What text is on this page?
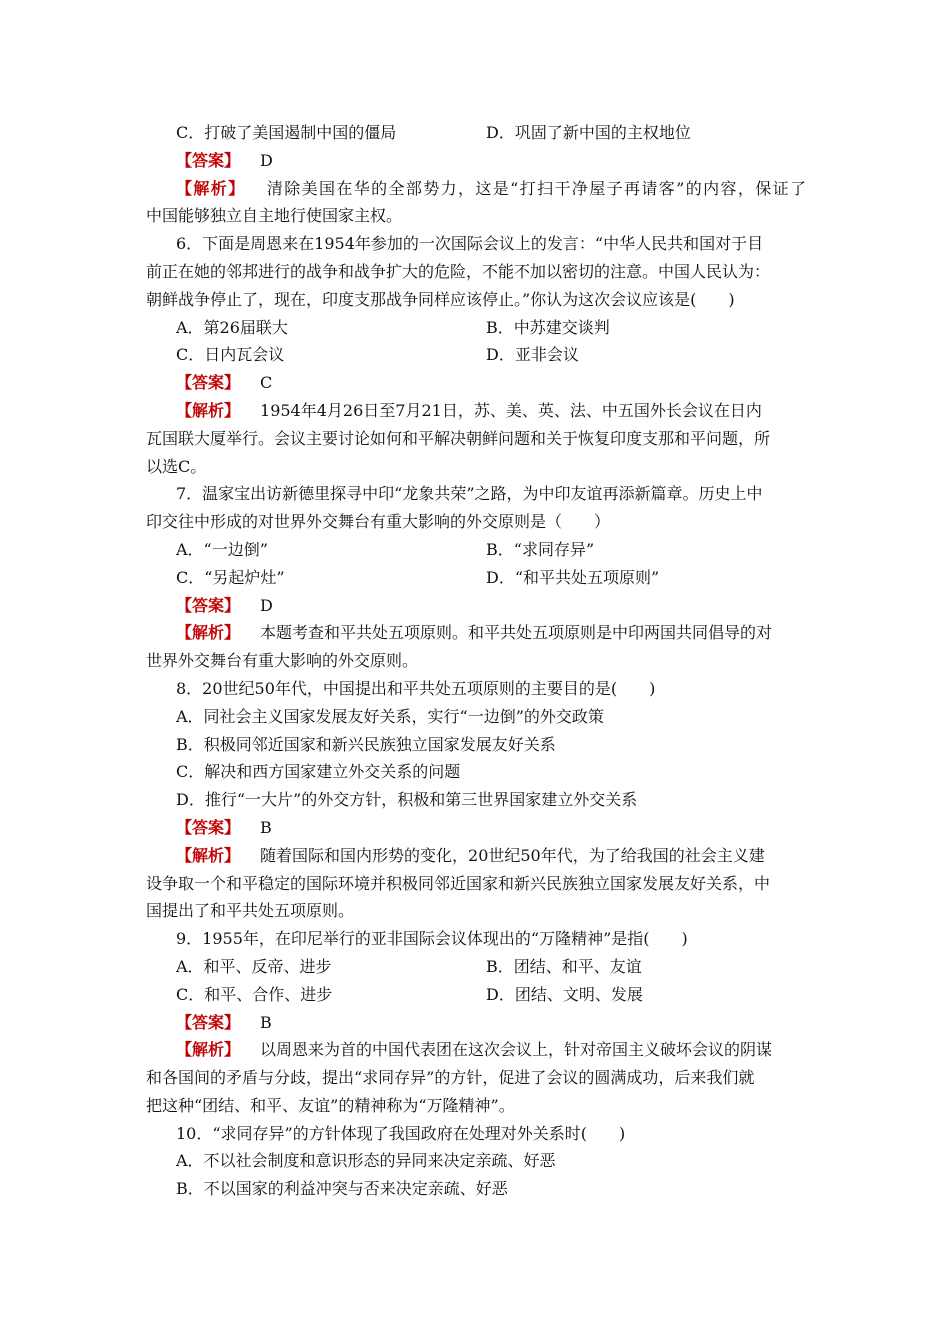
C．打破了美国遏制中国的僵局	D．巩固了新中国的主权地位
【答案】 D
【解析】 清除美国在华的全部势力，这是“打扫干净屋子再请客”的内容，保证了
中国能够独立自主地行使国家主权。
6．下面是周恩来在1954年参加的一次国际会议上的发言：“中华人民共和国对于目
前正在她的邻邦进行的战争和战争扩大的危险，不能不加以密切的注意。中国人民认为：
朝鲜战争停止了，现在，印度支那战争同样应该停止。”你认为这次会议应该是(　　)
A．第26届联大	B．中苏建交谈判
C．日内瓦会议	D．亚非会议
【答案】 C
【解析】 1954年4月26日至7月21日，苏、美、英、法、中五国外长会议在日内
瓦国联大厦举行。会议主要讨论如何和平解决朝鲜问题和关于恢复印度支那和平问题，所
以选C。
7．温家宝出访新德里探寻中印“龙象共荣”之路，为中印友谊再添新篇章。历史上中
印交往中形成的对世界外交舞台有重大影响的外交原则是（　　）
A．“一边倒”	B．“求同存异”
C．“另起炉灶”	D．“和平共处五项原则”
【答案】 D
【解析】 本题考查和平共处五项原则。和平共处五项原则是中印两国共同倡导的对
世界外交舞台有重大影响的外交原则。
8．20世纪50年代，中国提出和平共处五项原则的主要目的是(　　)
A．同社会主义国家发展友好关系，实行“一边倒”的外交政策
B．积极同邻近国家和新兴民族独立国家发展友好关系
C．解决和西方国家建立外交关系的问题
D．推行“一大片”的外交方针，积极和第三世界国家建立外交关系
【答案】 B
【解析】 随着国际和国内形势的变化，20世纪50年代，为了给我国的社会主义建
设争取一个和平稳定的国际环境并积极同邻近国家和新兴民族独立国家发展友好关系，中
国提出了和平共处五项原则。
9．1955年，在印尼举行的亚非国际会议体现出的“万隆精神”是指(　　)
A．和平、反帝、进步	B．团结、和平、友谊
C．和平、合作、进步	D．团结、文明、发展
【答案】 B
【解析】 以周恩来为首的中国代表团在这次会议上，针对帝国主义破坏会议的阴谋
和各国间的矛盾与分歧，提出“求同存异”的方针，促进了会议的圆满成功，后来我们就
把这种“团结、和平、友谊”的精神称为“万隆精神”。
10．“求同存异”的方针体现了我国政府在处理对外关系时(　　)
A．不以社会制度和意识形态的异同来决定亲疏、好恶
B．不以国家的利益冲突与否来决定亲疏、好恶
